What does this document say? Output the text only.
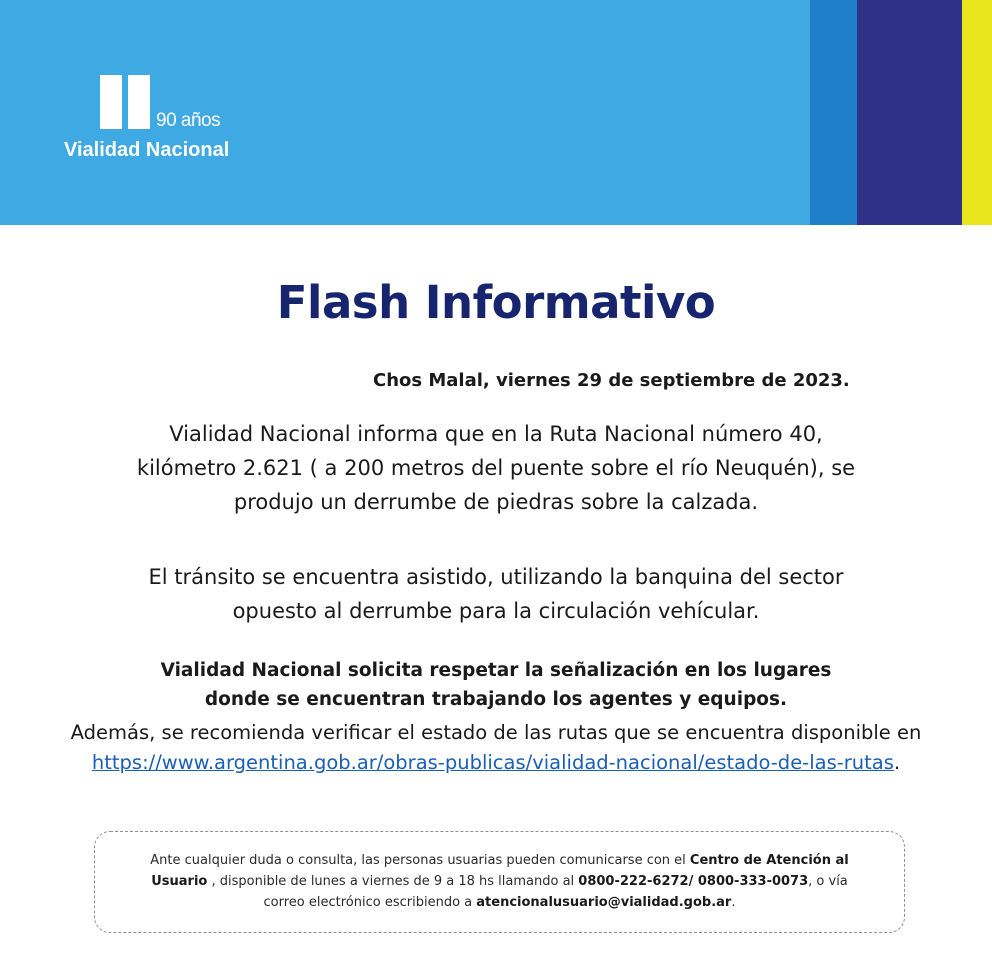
90 años
Vialidad Nacional
Flash Informativo
Chos Malal, viernes 29 de septiembre de 2023.
Vialidad Nacional informa que en la Ruta Nacional número 40,
kilómetro 2.621 ( a 200 metros del puente sobre el río Neuquén), se
produjo un derrumbe de piedras sobre la calzada.
El tránsito se encuentra asistido, utilizando la banquina del sector
opuesto al derrumbe para la circulación vehícular.
Vialidad Nacional solicita respetar la señalización en los lugares
donde se encuentran trabajando los agentes y equipos.
Además, se recomienda verificar el estado de las rutas que se encuentra disponible en
https://www.argentina.gob.ar/obras-publicas/vialidad-nacional/estado-de-las-rutas.
Ante cualquier duda o consulta, las personas usuarias pueden comunicarse con el Centro de Atención al
Usuario , disponible de lunes a viernes de 9 a 18 hs llamando al 0800-222-6272/ 0800-333-0073, o vía
correo electrónico escribiendo a atencionalusuario@vialidad.gob.ar.
